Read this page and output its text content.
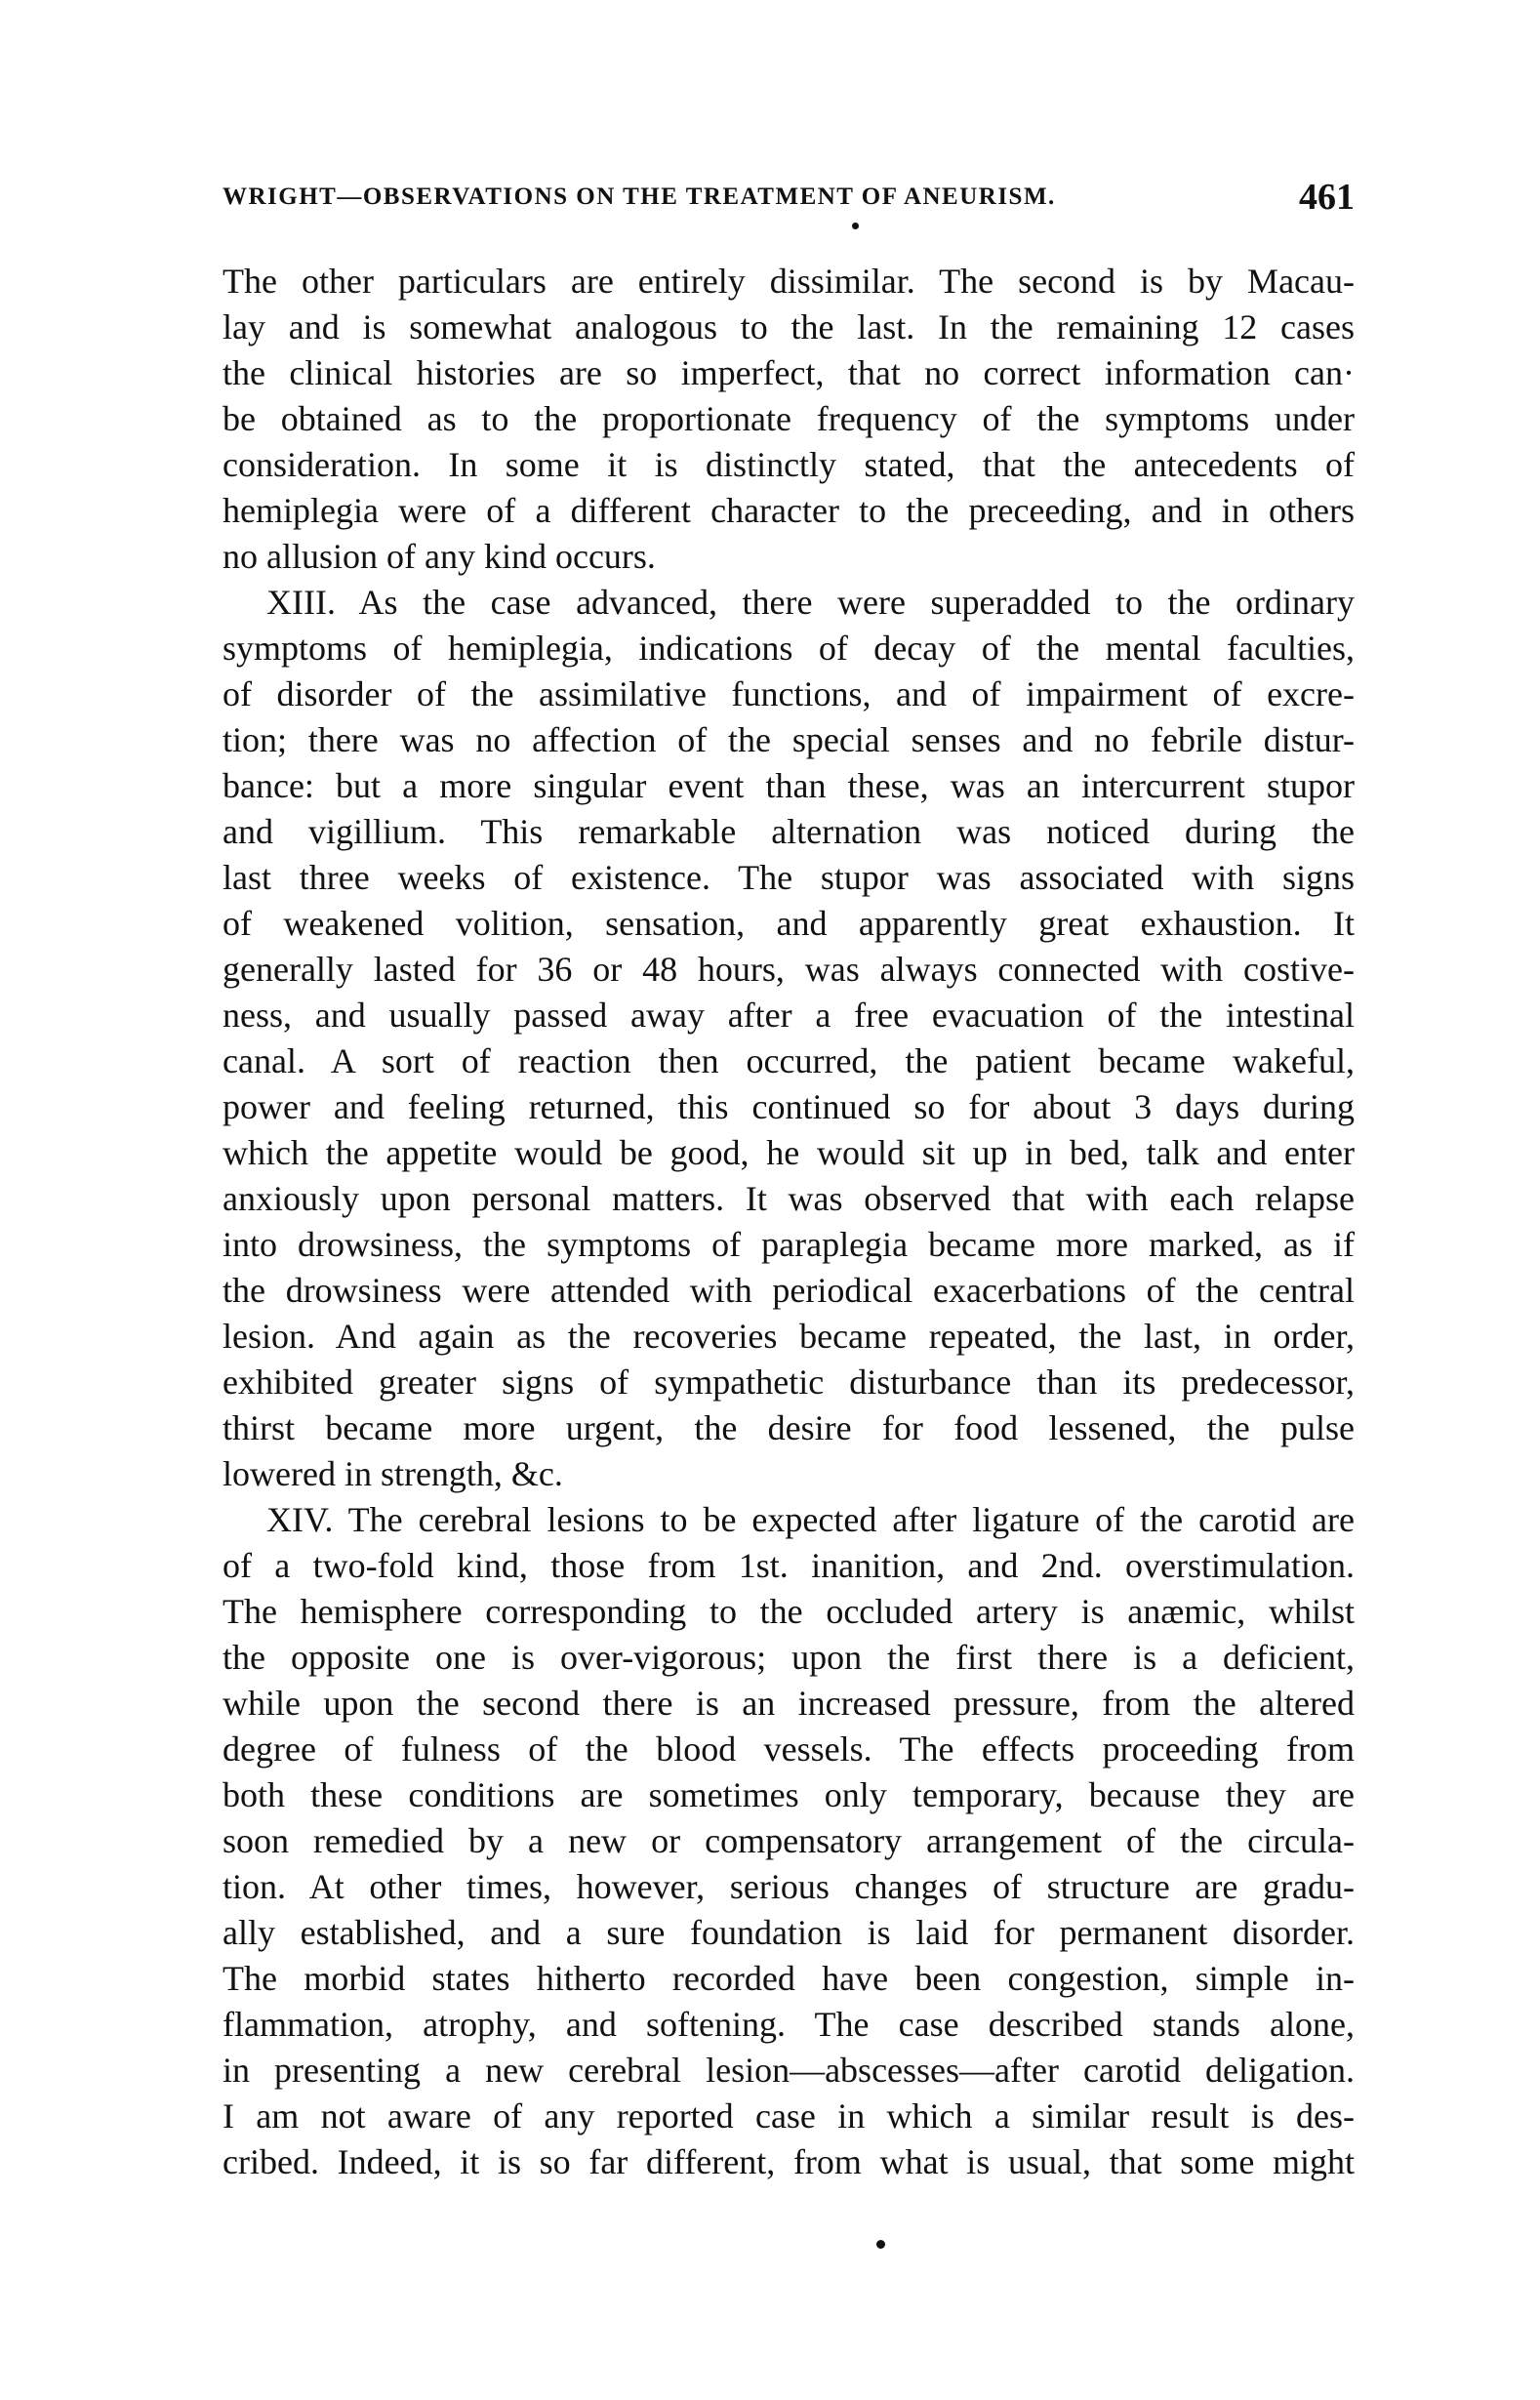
WRIGHT—OBSERVATIONS ON THE TREATMENT OF ANEURISM.	461
The other particulars are entirely dissimilar. The second is by Macau-
lay and is somewhat analogous to the last. In the remaining 12 cases
the clinical histories are so imperfect, that no correct information can·
be obtained as to the proportionate frequency of the symptoms under
consideration. In some it is distinctly stated, that the antecedents of
hemiplegia were of a different character to the preceeding, and in others
no allusion of any kind occurs.
XIII. As the case advanced, there were superadded to the ordinary
symptoms of hemiplegia, indications of decay of the mental faculties,
of disorder of the assimilative functions, and of impairment of excre-
tion; there was no affection of the special senses and no febrile distur-
bance: but a more singular event than these, was an intercurrent stupor
and vigillium. This remarkable alternation was noticed during the
last three weeks of existence. The stupor was associated with signs
of weakened volition, sensation, and apparently great exhaustion. It
generally lasted for 36 or 48 hours, was always connected with costive-
ness, and usually passed away after a free evacuation of the intestinal
canal. A sort of reaction then occurred, the patient became wakeful,
power and feeling returned, this continued so for about 3 days during
which the appetite would be good, he would sit up in bed, talk and enter
anxiously upon personal matters. It was observed that with each relapse
into drowsiness, the symptoms of paraplegia became more marked, as if
the drowsiness were attended with periodical exacerbations of the central
lesion. And again as the recoveries became repeated, the last, in order,
exhibited greater signs of sympathetic disturbance than its predecessor,
thirst became more urgent, the desire for food lessened, the pulse
lowered in strength, &c.
XIV. The cerebral lesions to be expected after ligature of the carotid are
of a two-fold kind, those from 1st. inanition, and 2nd. overstimulation.
The hemisphere corresponding to the occluded artery is anæmic, whilst
the opposite one is over-vigorous; upon the first there is a deficient,
while upon the second there is an increased pressure, from the altered
degree of fulness of the blood vessels. The effects proceeding from
both these conditions are sometimes only temporary, because they are
soon remedied by a new or compensatory arrangement of the circula-
tion. At other times, however, serious changes of structure are gradu-
ally established, and a sure foundation is laid for permanent disorder.
The morbid states hitherto recorded have been congestion, simple in-
flammation, atrophy, and softening. The case described stands alone,
in presenting a new cerebral lesion—abscesses—after carotid deligation.
I am not aware of any reported case in which a similar result is des-
cribed. Indeed, it is so far different, from what is usual, that some might
